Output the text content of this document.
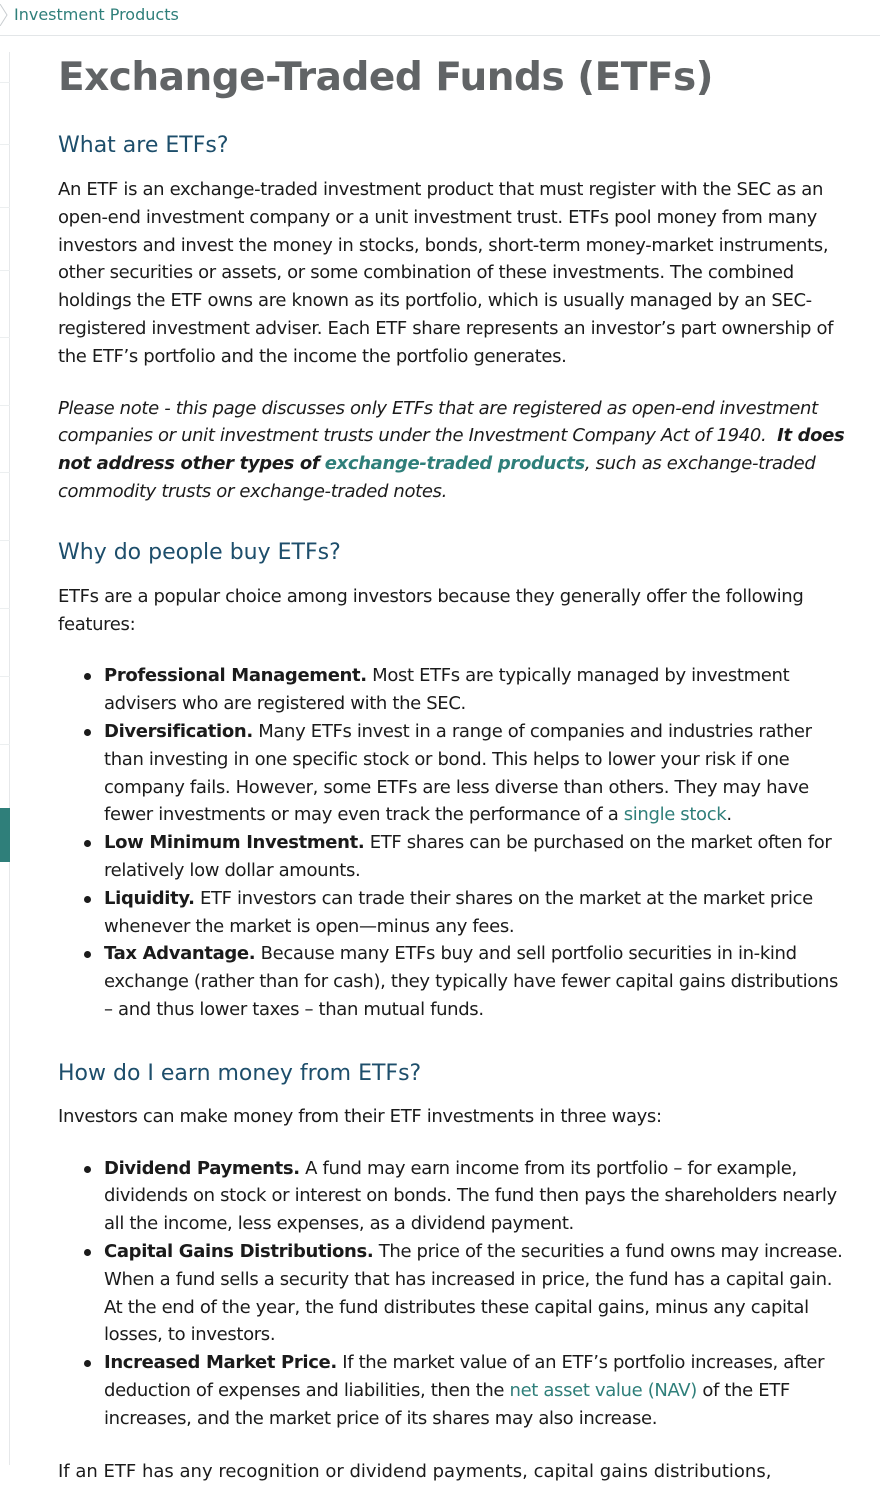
Investment Products
Exchange-Traded Funds (ETFs)
What are ETFs?

An ETF is an exchange-traded investment product that must register with the SEC as an open-end investment company or a unit investment trust. ETFs pool money from many investors and invest the money in stocks, bonds, short-term money-market instruments, other securities or assets, or some combination of these investments. The combined holdings the ETF owns are known as its portfolio, which is usually managed by an SEC-registered investment adviser. Each ETF share represents an investor’s part ownership of the ETF’s portfolio and the income the portfolio generates.

Please note - this page discusses only ETFs that are registered as open-end investment companies or unit investment trusts under the Investment Company Act of 1940. It does not address other types of exchange-traded products, such as exchange-traded commodity trusts or exchange-traded notes.

Why do people buy ETFs?

ETFs are a popular choice among investors because they generally offer the following features:

Professional Management. Most ETFs are typically managed by investment advisers who are registered with the SEC.
Diversification. Many ETFs invest in a range of companies and industries rather than investing in one specific stock or bond. This helps to lower your risk if one company fails. However, some ETFs are less diverse than others. They may have fewer investments or may even track the performance of a single stock.
Low Minimum Investment. ETF shares can be purchased on the market often for relatively low dollar amounts.
Liquidity. ETF investors can trade their shares on the market at the market price whenever the market is open—minus any fees.
Tax Advantage. Because many ETFs buy and sell portfolio securities in in-kind exchange (rather than for cash), they typically have fewer capital gains distributions – and thus lower taxes – than mutual funds.
How do I earn money from ETFs?

Investors can make money from their ETF investments in three ways:

Dividend Payments. A fund may earn income from its portfolio – for example, dividends on stock or interest on bonds. The fund then pays the shareholders nearly all the income, less expenses, as a dividend payment.
Capital Gains Distributions. The price of the securities a fund owns may increase. When a fund sells a security that has increased in price, the fund has a capital gain. At the end of the year, the fund distributes these capital gains, minus any capital losses, to investors.
Increased Market Price. If the market value of an ETF’s portfolio increases, after deduction of expenses and liabilities, then the net asset value (NAV) of the ETF increases, and the market price of its shares may also increase.
If an ETF has any recognition or dividend payments, capital gains distributions,
